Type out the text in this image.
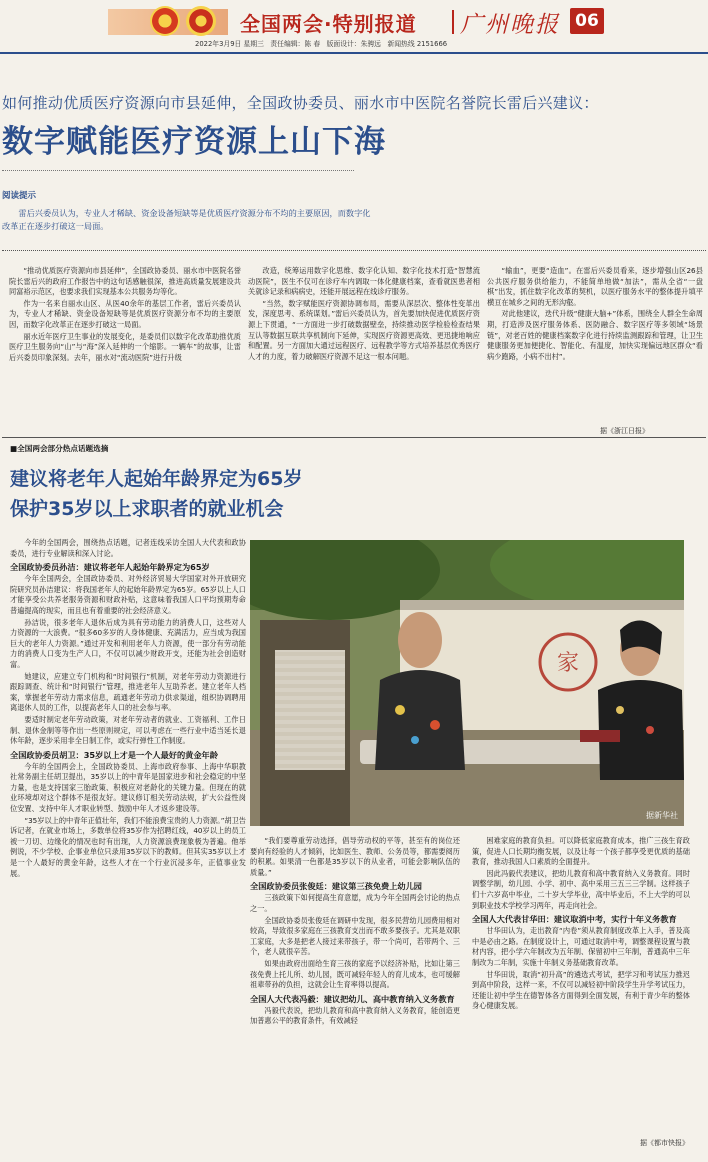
全国两会·特别报道 广州晚报 06
2022年3月9日 星期三 责任编辑：陈 春 版面设计：朱骋远 新闻热线 2151666
如何推动优质医疗资源向市县延伸，全国政协委员、丽水市中医院名誉院长雷后兴建议：
数字赋能医疗资源上山下海
阅读提示

雷后兴委员认为，专业人才稀缺、资金设备短缺等是优质医疗资源分布不均的主要原因，而数字化改革正在逐步打破这一局面。

“推动优质医疗资源向市县延伸”，全国政协委员、丽水市中医院名誉院长雷后兴的政府工作报告中的这句话感触很深，推进高质量发展建设共同富裕示范区，也要求我们实现基本公共服务均等化。

作为一名来自丽水山区、从医40余年的基层工作者，雷后兴委员认为，专业人才稀缺、资金设备短缺等是优质医疗资源分布不均的主要原因，而数字化改革正在逐步打破这一局面。

丽水近年医疗卫生事业的发展变化，是委员们以数字化改革助推优质医疗卫生服务向“山”与“海”深入延伸的一个缩影。一辆车”的故事，让雷后兴委员印象深刻。去年，丽水对“流动医院”进行升级

改造，统筹运用数字化思维、数字化认知、数字化技术打造“智慧流动医院”，医生不仅可在诊疗车内调取一体化健康档案，查看就医患者相关就诊记录和病病史，还能开展远程在线诊疗服务。

“当然，数字赋能医疗资源协调布局，需要从深层次、整体性变革出发，深度思考、系统谋划。”雷后兴委员认为，首先要加快促进优质医疗资源上下贯通，“一方面进一步打破数据壁垒，持续推动医学检验检查结果互认等数据互联共享机制向下延伸，实现医疗资源更高效、更迅捷地响应和配置。另一方面加大通过远程医疗、远程教学等方式培养基层优秀医疗人才的力度，着力破解医疗资源不足这一根本问题。

“输血”，更要“造血”。在雷后兴委员看来，逐步增强山区26县公共医疗服务供给能力，不能简单地做“加法”，需从全省“一盘棋”出发，抓住数字化改革的契机，以医疗服务水平的整体提升填平横亘在城乡之间的无形沟壑。

对此他建议，迭代升级“健康大脑+”体系，围绕全人群全生命周期，打造涉及医疗服务体系、医防融合、数字医疗等多领域“场景链”，对老百姓的健康档案数字化进行持续监测跟踪和管理，让卫生健康服务更加便捷化、智能化、有温度，加快实现偏远地区群众“看病少跑路，小病不出村”。

据《浙江日报》
■全国两会部分热点话题选摘
建议将老年人起始年龄界定为65岁
保护35岁以上求职者的就业机会

今年的全国两会，围绕热点话题，记者连线采访全国人大代表和政协委员，进行专业解读和深入讨论。

全国政协委员孙洁：建议将老年人起始年龄界定为65岁

今年全国两会，全国政协委员、对外经济贸易大学国家对外开放研究院研究员孙洁建议：将我国老年人的起始年龄界定为65岁。65岁以上人口才能享受公共养老服务资源和财政补贴，这意味着我国人口平均预期寿命普遍提高的现实，而且也有着重要的社会经济意义。

孙洁说，很多老年人退休后成为具有劳动能力的消费人口，这些对人力资源的一大浪费。“很多60多岁的人身体健康、充满活力，应当成为我国巨大的老年人力资源。”通过开发和利用老年人力资源，使一部分有劳动能力的消费人口变为生产人口，不仅可以减少财政开支，还能为社会创造财富。

她建议，应建立专门机构和“时间银行”机制，对老年劳动力资源进行跟踪调查、统计和“时间银行”管理，推进老年人互助养老。建立老年人档案，掌握老年劳动力需求信息，疏通老年劳动力供求渠道，组织协调聘用离退休人员的工作，以提高老年人口的社会参与率。

要适时制定老年劳动政策，对老年劳动者的就业、工资福利、工作日制、退休金制等等作出一些原则规定，可以考虑在一些行业中适当延长退休年龄，逐步采用非全日制工作，或实行弹性工作制度。

全国政协委员胡卫：35岁以上才是一个人最好的黄金年龄

今年的全国两会上，全国政协委员、上海市政府参事、上海中华职教社常务副主任胡卫提出，35岁以上的中青年是国家进步和社会稳定的中坚力量，也是支持国家三胎政策、积极应对老龄化的关键力量。但现在的就业环境却对这个群体不是很友好。建议修订相关劳动法规，扩大公益性岗位安置、支持中年人才职业转型、鼓励中年人才返乡建设等。

“35岁以上的中青年正值壮年，我们不能浪费宝贵的人力资源。”胡卫告诉记者，在就业市场上，多数单位将35岁作为招聘红线，40岁以上的员工被一刀切、边缘化的情况也时有出现，人力资源浪费现象极为普遍。他举例说，不少学校、企事业单位只录用35岁以下的教师。但其实35岁以上才是一个人最好的黄金年龄，这些人才在一个行业沉浸多年，正值事业发展。

家
据新华社

“我们要尊重劳动选择，倡导劳动权的平等，甚至有的岗位还要向有经验的人才倾斜，比如医生、教师、公务员等，都需要阅历的积累。如果清一色都是35岁以下的从业者，可能会影响队伍的质量。”

全国政协委员张俊廷：建议第三孩免费上幼儿园

三孩政策下如何提高生育意愿，成为今年全国两会讨论的热点之一。

全国政协委员张俊廷在调研中发现，很多民营幼儿园费用相对较高，导致很多家庭在三孩教育支出而不敢多要孩子。尤其是双职工家庭，大多是把老人接过来带孩子，带一个尚可，若带两个、三个，老人就很辛苦。

如果由政府出面给生育三孩的家庭予以经济补贴，比如让第三孩免费上托儿所、幼儿园，既可减轻年轻人的育儿成本，也可缓解祖辈带孙的负担，这就会让生育率得以提高。

全国人大代表冯毅：建议把幼儿、高中教育纳入义务教育

冯毅代表说，把幼儿教育和高中教育纳入义务教育，能创造更加普惠公平的教育条件，有效减轻

困难家庭的教育负担。可以降低家庭教育成本，推广三孩生育政策，促进人口长期均衡发展，以及让每一个孩子都享受更优质的基础教育，推动我国人口素质的全面提升。

因此冯毅代表建议，把幼儿教育和高中教育纳入义务教育。同时调整学制，幼儿园、小学、初中、高中采用三五三三学制。这样孩子们十六岁高中毕业，二十岁大学毕业，高中毕业后，不上大学的可以到职业技术学校学习两年，再走向社会。

全国人大代表甘华田：建议取消中考，实行十年义务教育

甘华田认为，走出教育“内卷”须从教育制度改革上入手，普及高中是必由之路。在制度设计上，可通过取消中考，调整课程设置与教材内容，把小学六年制改为五年制、保留初中三年制，普通高中三年制改为二年制，实施十年制义务基础教育改革。

甘华田说，取消“初升高”的遴选式考试，把学习和考试压力推迟到高中阶段，这样一来，不仅可以减轻初中阶段学生升学考试压力，还能让初中学生在德智体各方面得到全面发展，有利于青少年的整体身心健康发展。

据《都市快报》
